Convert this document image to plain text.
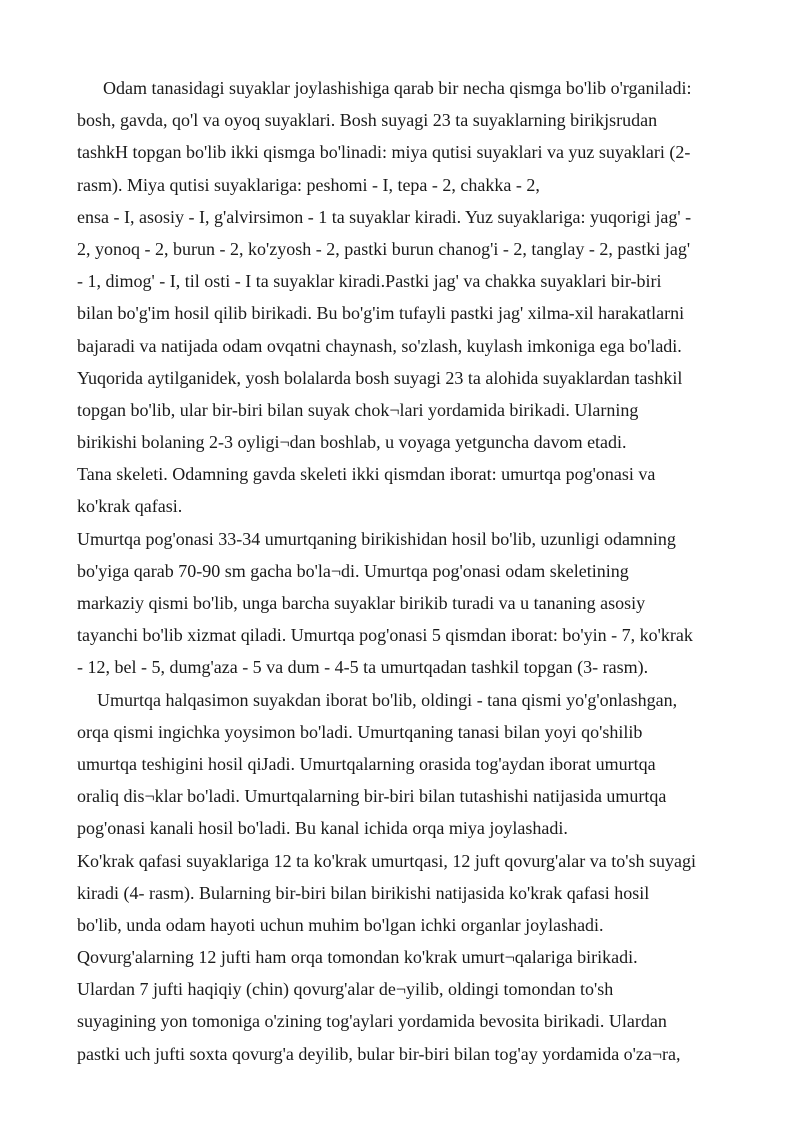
Odam tanasidagi suyaklar joylashishiga qarab bir necha qismga bo'lib o'rganiladi:
bosh, gavda, qo'l va oyoq suyaklari. Bosh suyagi 23 ta suyaklarning birikjsrudan
tashkH topgan bo'lib ikki qismga bo'linadi: miya qutisi suyaklari va yuz suyaklari (2-
rasm). Miya qutisi suyaklariga: peshomi - I, tepa - 2, chakka - 2,
ensa - I, asosiy - I, g'alvirsimon - 1 ta suyaklar kiradi. Yuz suyaklariga: yuqorigi jag' -
2, yonoq - 2, burun - 2, ko'zyosh - 2, pastki burun chanog'i - 2, tanglay - 2, pastki jag'
- 1, dimog' - I, til osti - I ta suyaklar kiradi.Pastki jag' va chakka suyaklari bir-biri
bilan bo'g'im hosil qilib birikadi. Bu bo'g'im tufayli pastki jag' xilma-xil harakatlarni
bajaradi va natijada odam ovqatni chaynash, so'zlash, kuylash imkoniga ega bo'ladi.
Yuqorida aytilganidek, yosh bolalarda bosh suyagi 23 ta alohida suyaklardan tashkil
topgan bo'lib, ular bir-biri bilan suyak chok¬lari yordamida birikadi. Ularning
birikishi bolaning 2-3 oyligi¬dan boshlab, u voyaga yetguncha davom etadi.
Tana skeleti. Odamning gavda skeleti ikki qismdan iborat: umurtqa pog'onasi va
ko'krak qafasi.
Umurtqa pog'onasi 33-34 umurtqaning birikishidan hosil bo'lib, uzunligi odamning
bo'yiga qarab 70-90 sm gacha bo'la¬di. Umurtqa pog'onasi odam skeletining
markaziy qismi bo'lib, unga barcha suyaklar birikib turadi va u tananing asosiy
tayanchi bo'lib xizmat qiladi. Umurtqa pog'onasi 5 qismdan iborat: bo'yin - 7, ko'krak
- 12, bel - 5, dumg'aza - 5 va dum - 4-5 ta umurtqadan tashkil topgan (3- rasm).
Umurtqa halqasimon suyakdan iborat bo'lib, oldingi - tana qismi yo'g'onlashgan,
orqa qismi ingichka yoysimon bo'ladi. Umurtqaning tanasi bilan yoyi qo'shilib
umurtqa teshigini hosil qiJadi. Umurtqalarning orasida tog'aydan iborat umurtqa
oraliq dis¬klar bo'ladi. Umurtqalarning bir-biri bilan tutashishi natijasida umurtqa
pog'onasi kanali hosil bo'ladi. Bu kanal ichida orqa miya joylashadi.
Ko'krak qafasi suyaklariga 12 ta ko'krak umurtqasi, 12 juft qovurg'alar va to'sh suyagi
kiradi (4- rasm). Bularning bir-biri bilan birikishi natijasida ko'krak qafasi hosil
bo'lib, unda odam hayoti uchun muhim bo'lgan ichki organlar joylashadi.
Qovurg'alarning 12 jufti ham orqa tomondan ko'krak umurt¬qalariga birikadi.
Ulardan 7 jufti haqiqiy (chin) qovurg'alar de¬yilib, oldingi tomondan to'sh
suyagining yon tomoniga o'zining tog'aylari yordamida bevosita birikadi. Ulardan
pastki uch jufti soxta qovurg'a deyilib, bular bir-biri bilan tog'ay yordamida o'za¬ra,
